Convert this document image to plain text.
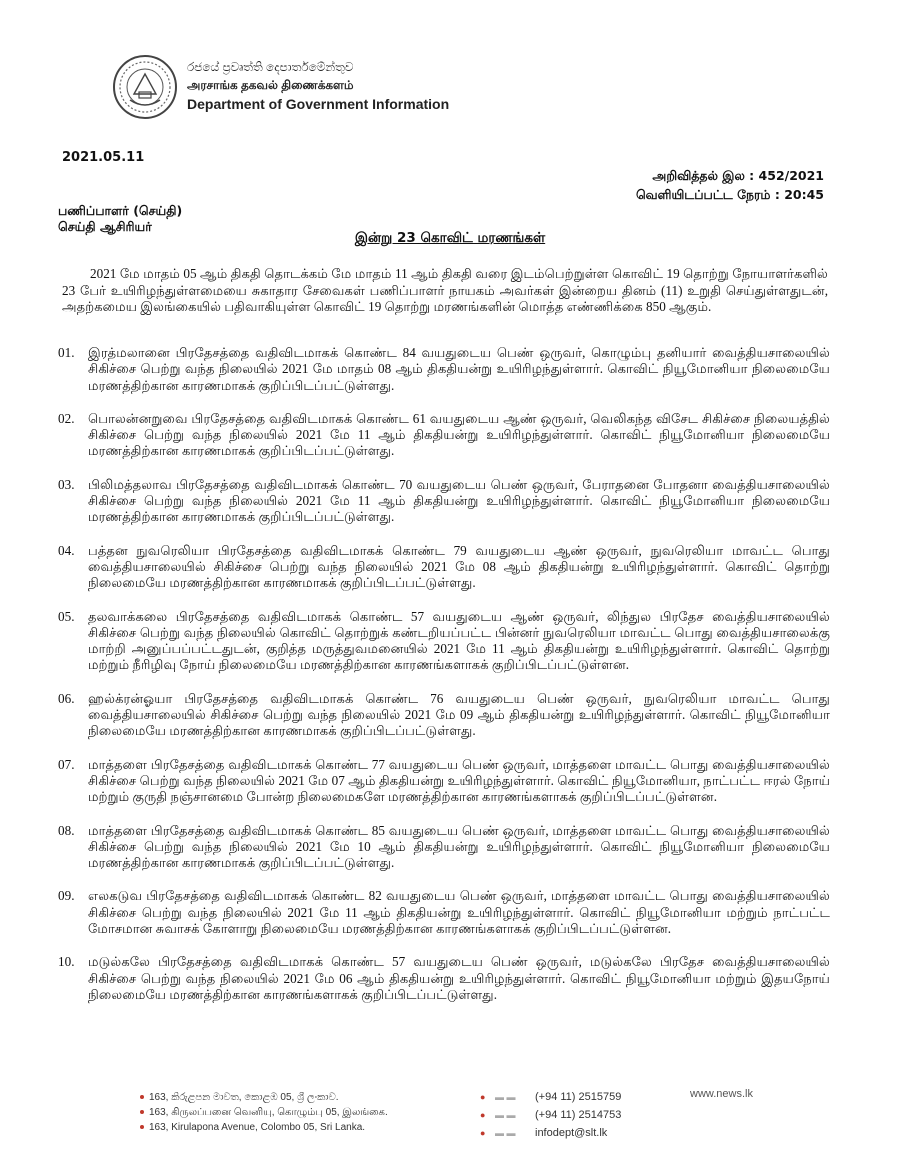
රජයේ ප්‍රවෘත්ති දෙපාර්තමේන්තුව
அரசாங்க தகவல் திணைக்களம்
Department of Government Information
2021.05.11
அறிவித்தல் இல : 452/2021
வெளியிடப்பட்ட நேரம் : 20:45
பணிப்பாளர் (செய்தி)
செய்தி ஆசிரியர்
இன்று 23 கொவிட் மரணங்கள்
2021 மே மாதம் 05 ஆம் திகதி தொடக்கம் மே மாதம் 11 ஆம் திகதி வரை இடம்பெற்றுள்ள கொவிட் 19 தொற்று நோயாளர்களில் 23 பேர் உயிரிழந்துள்ளமையை சுகாதார சேவைகள் பணிப்பாளர் நாயகம் அவர்கள் இன்றைய தினம் (11) உறுதி செய்துள்ளதுடன், அதற்கமைய இலங்கையில் பதிவாகியுள்ள கொவிட் 19 தொற்று மரணங்களின் மொத்த எண்ணிக்கை 850 ஆகும்.
01.	இரத்மலானை பிரதேசத்தை வதிவிடமாகக் கொண்ட 84 வயதுடைய பெண் ஒருவர், கொழும்பு தனியார் வைத்தியசாலையில் சிகிச்சை பெற்று வந்த நிலையில் 2021 மே மாதம் 08 ஆம் திகதியன்று உயிரிழந்துள்ளார். கொவிட் நியூமோனியா நிலைமையே மரணத்திற்கான காரணமாகக் குறிப்பிடப்பட்டுள்ளது.
02.	பொலன்னறுவை பிரதேசத்தை வதிவிடமாகக் கொண்ட 61 வயதுடைய ஆண் ஒருவர், வெலிகந்த விசேட சிகிச்சை நிலையத்தில் சிகிச்சை பெற்று வந்த நிலையில் 2021 மே 11 ஆம் திகதியன்று உயிரிழந்துள்ளார். கொவிட் நியூமோனியா நிலைமையே மரணத்திற்கான காரணமாகக் குறிப்பிடப்பட்டுள்ளது.
03.	பிலிமத்தலாவ பிரதேசத்தை வதிவிடமாகக் கொண்ட 70 வயதுடைய பெண் ஒருவர், பேராதனை போதனா வைத்தியசாலையில் சிகிச்சை பெற்று வந்த நிலையில் 2021 மே 11 ஆம் திகதியன்று உயிரிழந்துள்ளார். கொவிட் நியூமோனியா நிலைமையே மரணத்திற்கான காரணமாகக் குறிப்பிடப்பட்டுள்ளது.
04.	பத்தன நுவரெலியா பிரதேசத்தை வதிவிடமாகக் கொண்ட 79 வயதுடைய ஆண் ஒருவர், நுவரெலியா மாவட்ட பொது வைத்தியசாலையில் சிகிச்சை பெற்று வந்த நிலையில் 2021 மே 08 ஆம் திகதியன்று உயிரிழந்துள்ளார். கொவிட் தொற்று நிலைமையே மரணத்திற்கான காரணமாகக் குறிப்பிடப்பட்டுள்ளது.
05.	தலவாக்கலை பிரதேசத்தை வதிவிடமாகக் கொண்ட 57 வயதுடைய ஆண் ஒருவர், லிந்துல பிரதேச வைத்தியசாலையில் சிகிச்சை பெற்று வந்த நிலையில் கொவிட் தொற்றுக் கண்டறியப்பட்ட பின்னர் நுவரெலியா மாவட்ட பொது வைத்தியசாலைக்கு மாற்றி அனுப்பப்பட்டதுடன், குறித்த மருத்துவமனையில் 2021 மே 11 ஆம் திகதியன்று உயிரிழந்துள்ளார். கொவிட் தொற்று மற்றும் நீரிழிவு நோய் நிலைமையே மரணத்திற்கான காரணங்களாகக் குறிப்பிடப்பட்டுள்ளன.
06.	ஹல்க்ரன்ஓயா பிரதேசத்தை வதிவிடமாகக் கொண்ட 76 வயதுடைய பெண் ஒருவர், நுவரெலியா மாவட்ட பொது வைத்தியசாலையில் சிகிச்சை பெற்று வந்த நிலையில் 2021 மே 09 ஆம் திகதியன்று உயிரிழந்துள்ளார். கொவிட் நியூமோனியா நிலைமையே மரணத்திற்கான காரணமாகக் குறிப்பிடப்பட்டுள்ளது.
07.	மாத்தளை பிரதேசத்தை வதிவிடமாகக் கொண்ட 77 வயதுடைய பெண் ஒருவர், மாத்தளை மாவட்ட பொது வைத்தியசாலையில் சிகிச்சை பெற்று வந்த நிலையில் 2021 மே 07 ஆம் திகதியன்று உயிரிழந்துள்ளார். கொவிட் நியூமோனியா, நாட்பட்ட ஈரல் நோய் மற்றும் குருதி நஞ்சானமை போன்ற நிலைமைகளே மரணத்திற்கான காரணங்களாகக் குறிப்பிடப்பட்டுள்ளன.
08.	மாத்தளை பிரதேசத்தை வதிவிடமாகக் கொண்ட 85 வயதுடைய பெண் ஒருவர், மாத்தளை மாவட்ட பொது வைத்தியசாலையில் சிகிச்சை பெற்று வந்த நிலையில் 2021 மே 10 ஆம் திகதியன்று உயிரிழந்துள்ளார். கொவிட் நியூமோனியா நிலைமையே மரணத்திற்கான காரணமாகக் குறிப்பிடப்பட்டுள்ளது.
09.	எலகடுவ பிரதேசத்தை வதிவிடமாகக் கொண்ட 82 வயதுடைய பெண் ஒருவர், மாத்தளை மாவட்ட பொது வைத்தியசாலையில் சிகிச்சை பெற்று வந்த நிலையில் 2021 மே 11 ஆம் திகதியன்று உயிரிழந்துள்ளார். கொவிட் நியூமோனியா மற்றும் நாட்பட்ட மோசமான சுவாசக் கோளாறு நிலைமையே மரணத்திற்கான காரணங்களாகக் குறிப்பிடப்பட்டுள்ளன.
10.	மடுல்கலே பிரதேசத்தை வதிவிடமாகக் கொண்ட 57 வயதுடைய பெண் ஒருவர், மடுல்கலே பிரதேச வைத்தியசாலையில் சிகிச்சை பெற்று வந்த நிலையில் 2021 மே 06 ஆம் திகதியன்று உயிரிழந்துள்ளார். கொவிட் நியூமோனியா மற்றும் இதயநோய் நிலைமையே மரணத்திற்கான காரணங்களாகக் குறிப்பிடப்பட்டுள்ளது.
163, කිරුළපන මාවත, කොළඹ 05, ශ්‍රී ලංකාව.
163, கிருலப்பனை வெனியு, கொழும்பு 05, இலங்கை.
163, Kirulapona Avenue, Colombo 05, Sri Lanka.
●	▬ ▬	(+94 11) 2515759
●	▬ ▬	(+94 11) 2514753
●	▬ ▬	infodept@slt.lk
www.news.lk
